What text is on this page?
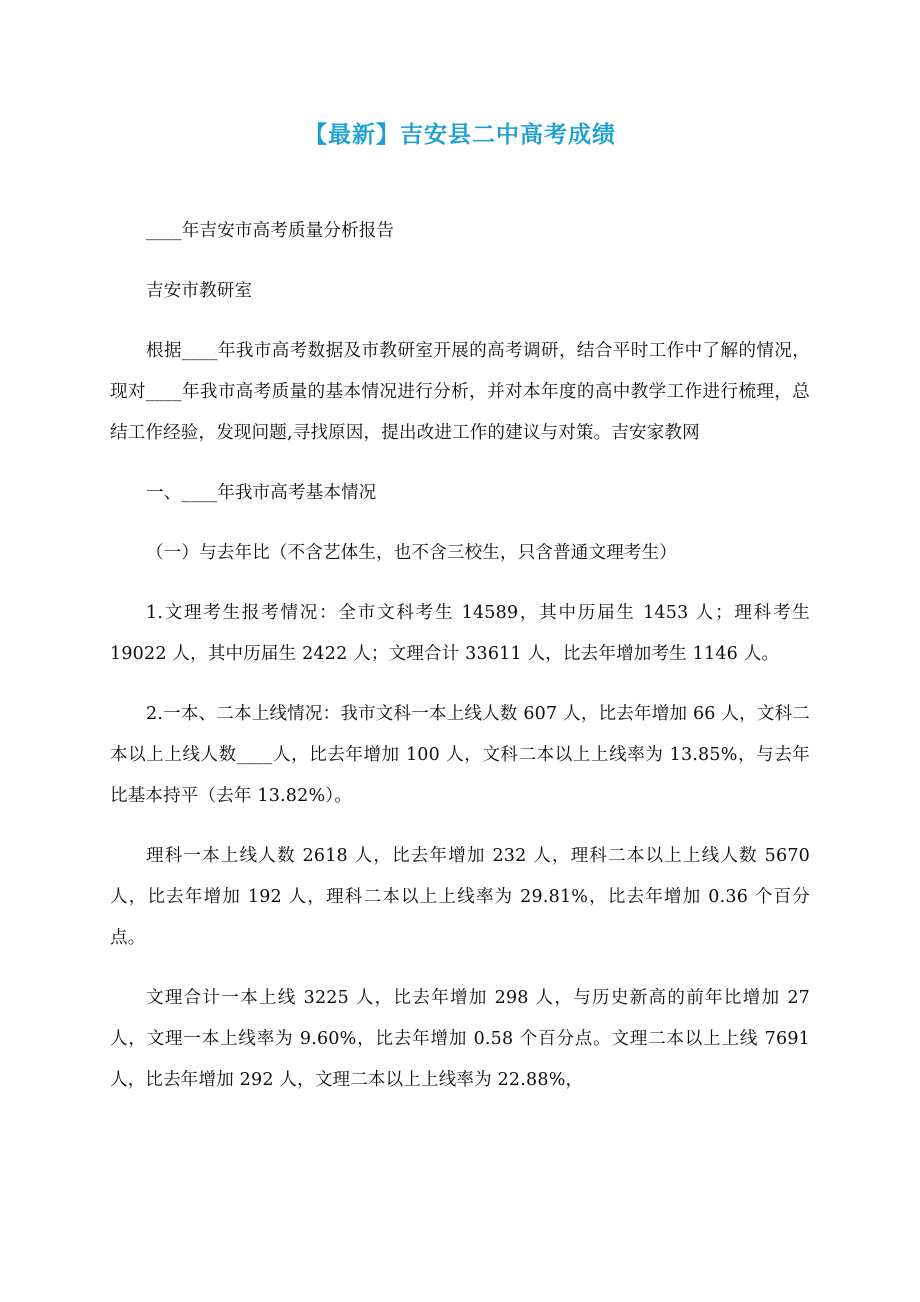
【最新】吉安县二中高考成绩

____年吉安市高考质量分析报告

吉安市教研室

根据____年我市高考数据及市教研室开展的高考调研，结合平时工作中了解的情况，现对____年我市高考质量的基本情况进行分析，并对本年度的高中教学工作进行梳理，总结工作经验，发现问题,寻找原因，提出改进工作的建议与对策。吉安家教网

一、____年我市高考基本情况

（一）与去年比（不含艺体生，也不含三校生，只含普通文理考生）

1.文理考生报考情况：全市文科考生 14589，其中历届生 1453 人；理科考生 19022 人，其中历届生 2422 人；文理合计 33611 人，比去年增加考生 1146 人。

2.一本、二本上线情况：我市文科一本上线人数 607 人，比去年增加 66 人，文科二本以上上线人数____人，比去年增加 100 人，文科二本以上上线率为 13.85%，与去年比基本持平（去年 13.82%）。

理科一本上线人数 2618 人，比去年增加 232 人，理科二本以上上线人数 5670 人，比去年增加 192 人，理科二本以上上线率为 29.81%，比去年增加 0.36 个百分点。

文理合计一本上线 3225 人，比去年增加 298 人，与历史新高的前年比增加 27 人，文理一本上线率为 9.60%，比去年增加 0.58 个百分点。文理二本以上上线 7691 人，比去年增加 292 人，文理二本以上上线率为 22.88%，
